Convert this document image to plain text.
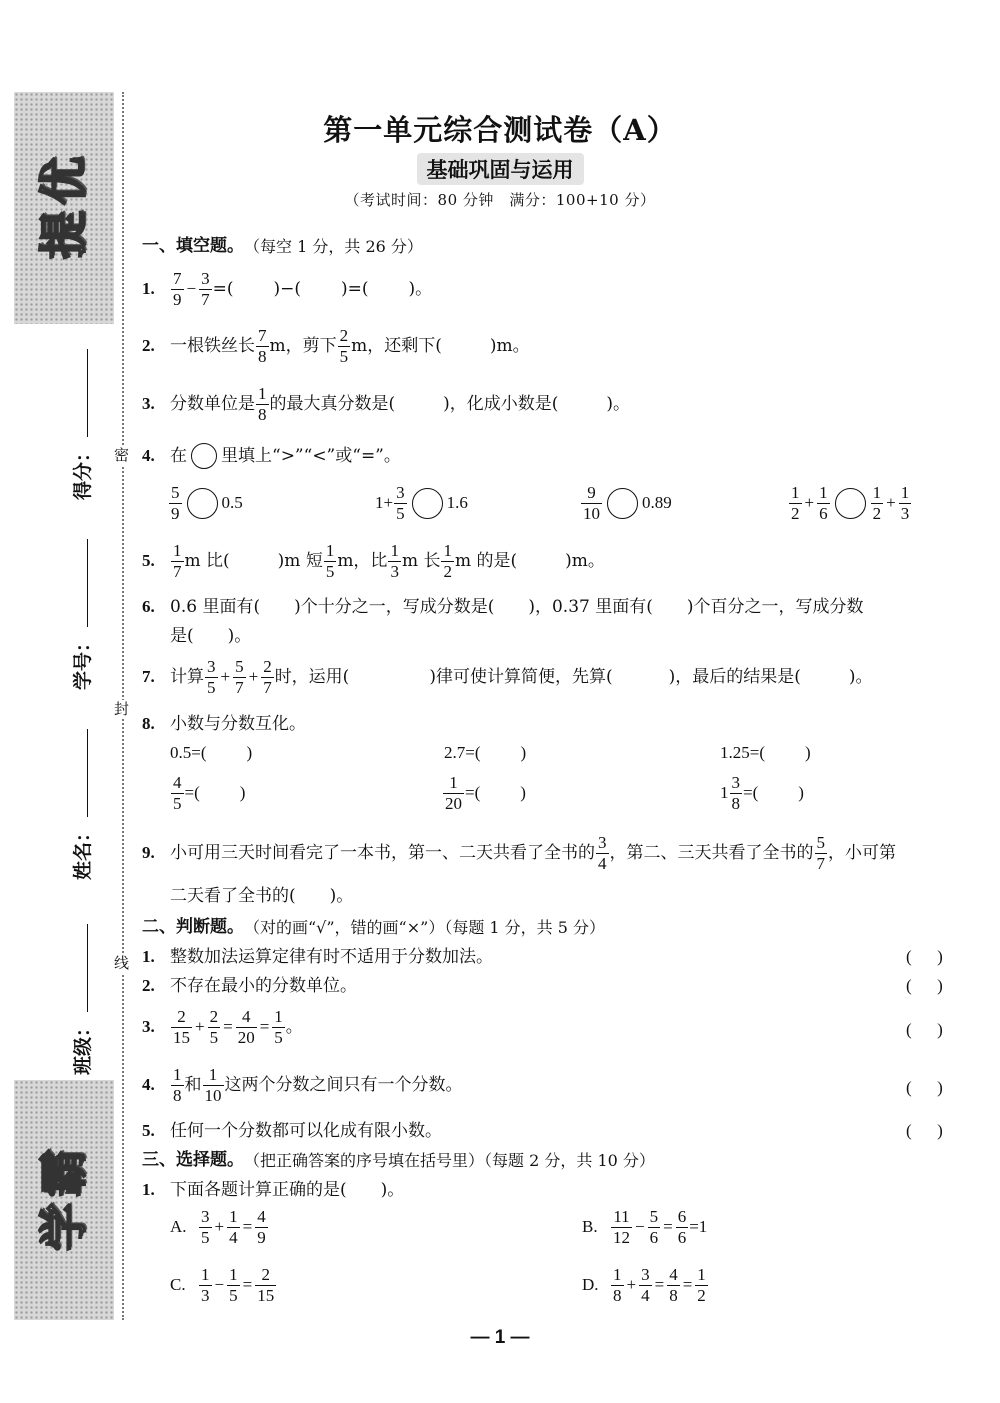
优
提
霸
学
密
封
线
班级：
姓名：
学号：
得分：
第一单元综合测试卷（A）
基础巩固与运用
（考试时间：80 分钟　满分：100+10 分）
一、填空题。 （每空 1 分，共 26 分）
1. $\frac{7}{9} - \frac{3}{7}$ =( )−( )=( )。
2. 一根铁丝长 $\frac{7}{8}$ m，剪下 $\frac{2}{5}$ m，还剩下(	)m。
3. 分数单位是 $\frac{1}{8}$ 的最大真分数是(	)，化成小数是(	)。
4. 在 里填上“>”“<”或“=”。
$\frac{5}{9} 0.5$	$1+ \frac{3}{5} 1.6$	$\frac{9}{10} 0.89$	$\frac{1}{2} + \frac{1}{6} \frac{1}{2} + \frac{1}{3}$
5. $\frac{1}{7}$ m 比(	)m 短 $\frac{1}{5}$ m，比 $\frac{1}{3}$ m 长 $\frac{1}{2}$ m 的是(	)m。
6. 0.6 里面有(　　)个十分之一，写成分数是(　　)，0.37 里面有(　　)个百分之一，写成分数
是(　　)。
7. 计算 $\frac{3}{5} + \frac{5}{7} + \frac{2}{7}$ 时，运用(	)律可使计算简便，先算(	)，最后的结果是(	)。
8. 小数与分数互化。
0.5=( )	2.7=( )	1.25=( )
$\frac{4}{5}$ =( )	$\frac{1}{20}$ =( )	$1 \frac{3}{8}$ =( )
9. 小可用三天时间看完了一本书，第一、二天共看了全书的 $\frac{3}{4}$ ，第二、三天共看了全书的 $\frac{5}{7}$ ，小可第
二天看了全书的(　　)。
二、判断题。 （对的画“√”，错的画“×”）（每题 1 分，共 5 分）
1. 整数加法运算定律有时不适用于分数加法。	(      )
2. 不存在最小的分数单位。	(      )
3. $\frac{2}{15} + \frac{2}{5} = \frac{4}{20} = \frac{1}{5}$ 。	(      )
4. $\frac{1}{8}$ 和 $\frac{1}{10}$ 这两个分数之间只有一个分数。	(      )
5. 任何一个分数都可以化成有限小数。	(      )
三、选择题。 （把正确答案的序号填在括号里）（每题 2 分，共 10 分）
1. 下面各题计算正确的是(　　)。
A. $\frac{3}{5} + \frac{1}{4} = \frac{4}{9}$	B. $\frac{11}{12} - \frac{5}{6} = \frac{6}{6} =1$
C. $\frac{1}{3} - \frac{1}{5} = \frac{2}{15}$	D. $\frac{1}{8} + \frac{3}{4} = \frac{4}{8} = \frac{1}{2}$
— 1 —
